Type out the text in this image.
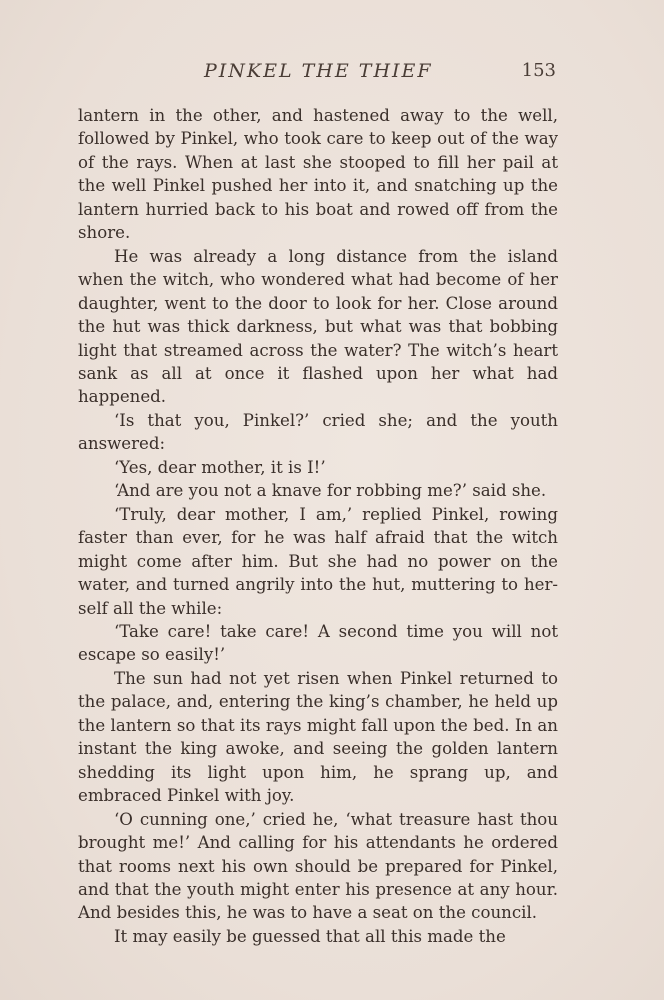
PINKEL THE THIEF	153

lantern in the other, and hastened away to the well, followed by Pinkel, who took care to keep out of the way of the rays. When at last she stooped to fill her pail at the well Pinkel pushed her into it, and snatching up the lantern hurried back to his boat and rowed off from the shore.

He was already a long distance from the island when the witch, who wondered what had become of her daughter, went to the door to look for her. Close around the hut was thick darkness, but what was that bobbing light that streamed across the water? The witch’s heart sank as all at once it flashed upon her what had happened.

‘Is that you, Pinkel?’ cried she; and the youth answered:

‘Yes, dear mother, it is I!’

‘And are you not a knave for robbing me?’ said she.

‘Truly, dear mother, I am,’ replied Pinkel, rowing faster than ever, for he was half afraid that the witch might come after him. But she had no power on the water, and turned angrily into the hut, muttering to her-self all the while:

‘Take care! take care! A second time you will not escape so easily!’

The sun had not yet risen when Pinkel returned to the palace, and, entering the king’s chamber, he held up the lantern so that its rays might fall upon the bed. In an instant the king awoke, and seeing the golden lantern shedding its light upon him, he sprang up, and embraced Pinkel with joy.

‘O cunning one,’ cried he, ‘what treasure hast thou brought me!’ And calling for his attendants he ordered that rooms next his own should be prepared for Pinkel, and that the youth might enter his presence at any hour. And besides this, he was to have a seat on the council.

It may easily be guessed that all this made the
